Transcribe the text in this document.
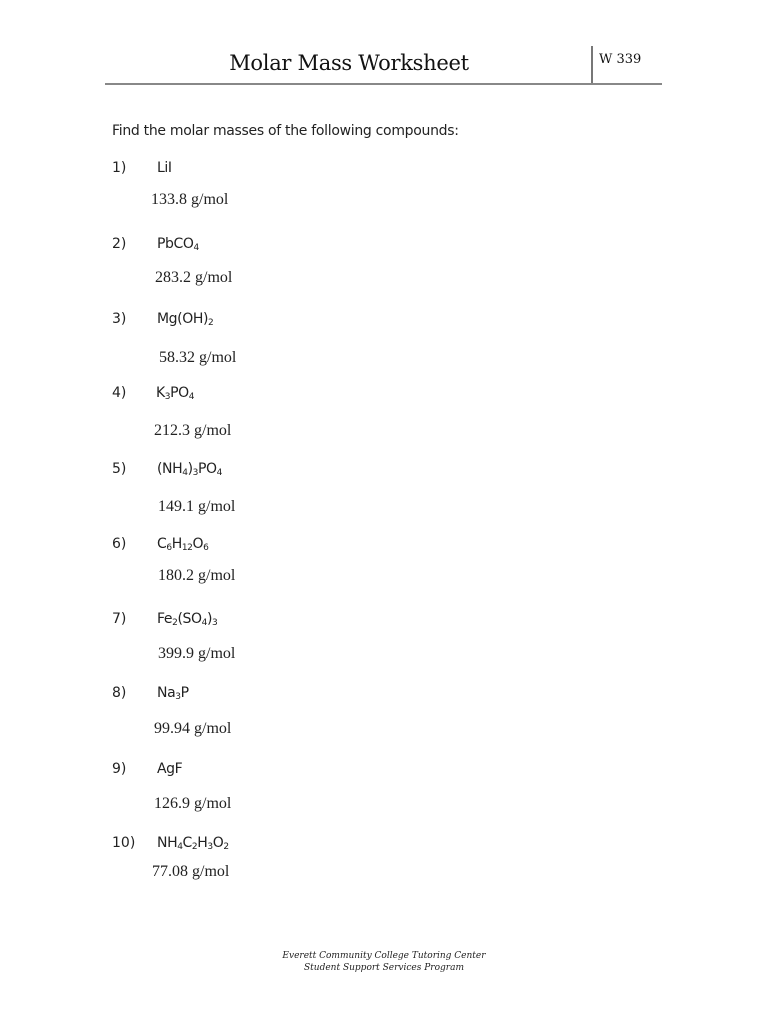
Molar Mass Worksheet	W 339
Find the molar masses of the following compounds:
1) LiI
133.8 g/mol
2) PbCO$_4$
283.2 g/mol
3) $Mg(OH)_2$
58.32 g/mol
4) $K_3PO_4$
212.3 g/mol
5) $(NH_4)_3PO_4$
149.1 g/mol
6) $C_6H_{12}O_6$
180.2 g/mol
7) $Fe_2(SO_4)_3$
399.9 g/mol
8) $Na_3P$
99.94 g/mol
9) AgF
126.9 g/mol
10) $NH_4C_2H_3O_2$
77.08 g/mol
Everett Community College Tutoring Center
Student Support Services Program
